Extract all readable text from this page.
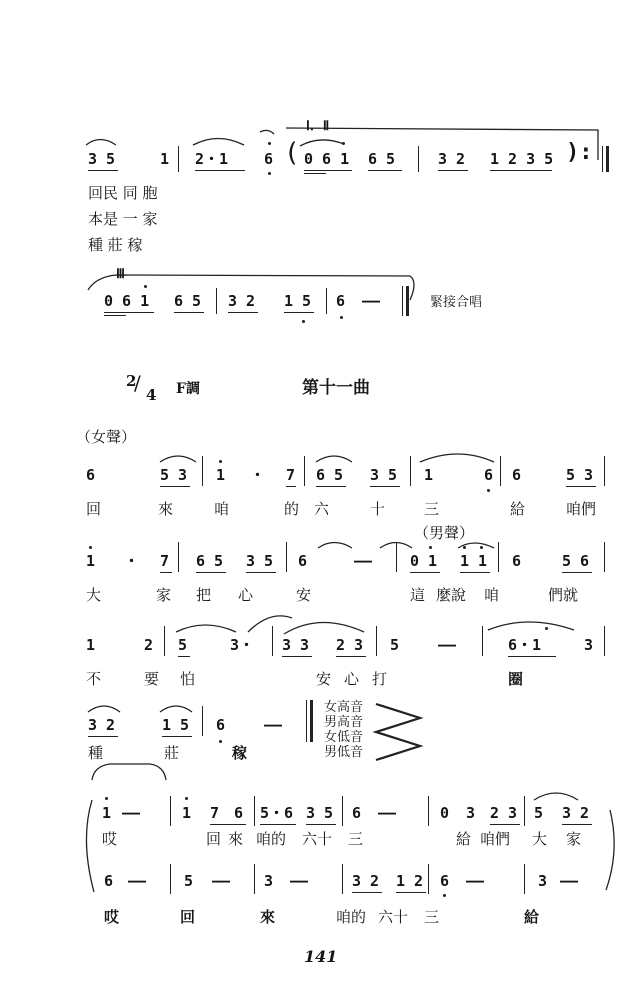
Ⅰ．Ⅱ
Ⅲ
3 5	1 2・1 6 ( 0 6 1 6 5	3 2 1 2 3 5 ):
回民 同 胞
本是 一 家
種 莊 稼
0 6 1 6 5 3 2 1 5 6 ——	緊接合唱
2
/ 4 F調	第十一曲
（女聲）
6	5 3 1 ・ 7 6 5 3 5 1	6 6	5 3
回	來	咱	的 六	十	三	給	咱們
（男聲）
1 ・ 7 6 5 3 5 6	——	0 1 1 1 6	5 6
大	家 把 心	安	這 麼說 咱	們就
1	2 5	3・ 3 3 2 3 5	——	6・1	3
不	要 怕	安 心 打	圈
3 2	1 5 6	——
種	莊	稼
女高音
男高音
女低音
男低音
1 ——	1 7 6 5・6 3 5 6 ——	0 3 2 3 5 3 2
哎	回 來 咱的 六十 三	給 咱們 大 家
6 ——	5 —— 3 ——	3 2 1 2 6 ——	3 ——
哎	回	來	咱的 六十 三	給
141
